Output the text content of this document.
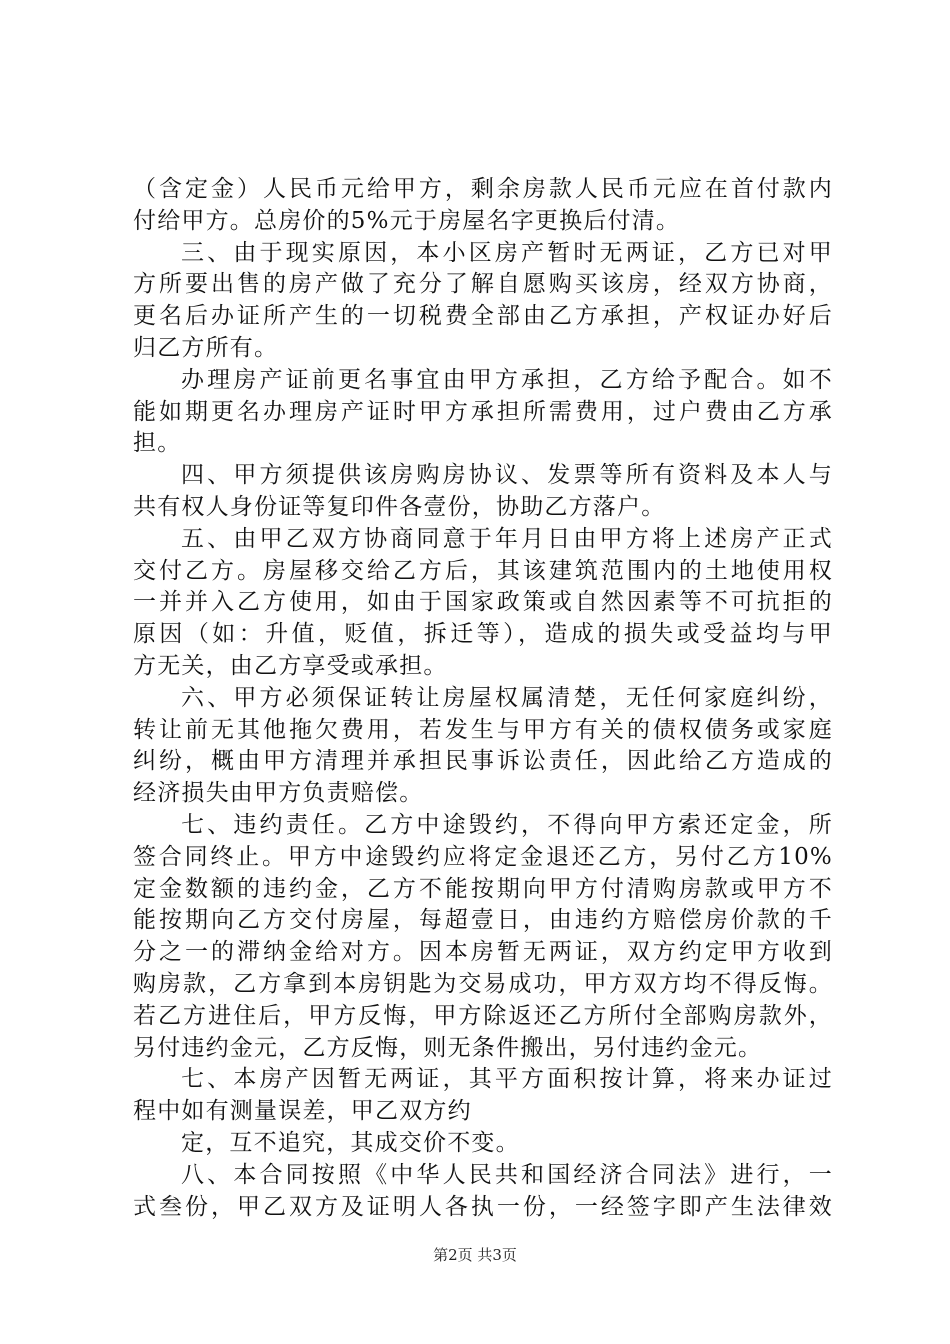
（含定金）人民币元给甲方，剩余房款人民币元应在首付款内
付给甲方。总房价的5%元于房屋名字更换后付清。
三、由于现实原因，本小区房产暂时无两证，乙方已对甲
方所要出售的房产做了充分了解自愿购买该房，经双方协商，
更名后办证所产生的一切税费全部由乙方承担，产权证办好后
归乙方所有。
办理房产证前更名事宜由甲方承担，乙方给予配合。如不
能如期更名办理房产证时甲方承担所需费用，过户费由乙方承
担。
四、甲方须提供该房购房协议、发票等所有资料及本人与
共有权人身份证等复印件各壹份，协助乙方落户。
五、由甲乙双方协商同意于年月日由甲方将上述房产正式
交付乙方。房屋移交给乙方后，其该建筑范围内的土地使用权
一并并入乙方使用，如由于国家政策或自然因素等不可抗拒的
原因（如：升值，贬值，拆迁等），造成的损失或受益均与甲
方无关，由乙方享受或承担。
六、甲方必须保证转让房屋权属清楚，无任何家庭纠纷，
转让前无其他拖欠费用，若发生与甲方有关的债权债务或家庭
纠纷，概由甲方清理并承担民事诉讼责任，因此给乙方造成的
经济损失由甲方负责赔偿。
七、违约责任。乙方中途毁约，不得向甲方索还定金，所
签合同终止。甲方中途毁约应将定金退还乙方，另付乙方10%
定金数额的违约金，乙方不能按期向甲方付清购房款或甲方不
能按期向乙方交付房屋，每超壹日，由违约方赔偿房价款的千
分之一的滞纳金给对方。因本房暂无两证，双方约定甲方收到
购房款，乙方拿到本房钥匙为交易成功，甲方双方均不得反悔。
若乙方进住后，甲方反悔，甲方除返还乙方所付全部购房款外，
另付违约金元，乙方反悔，则无条件搬出，另付违约金元。
七、本房产因暂无两证，其平方面积按计算，将来办证过
程中如有测量误差，甲乙双方约
定，互不追究，其成交价不变。
八、本合同按照《中华人民共和国经济合同法》进行，一
式叁份，甲乙双方及证明人各执一份，一经签字即产生法律效
第2页 共3页
